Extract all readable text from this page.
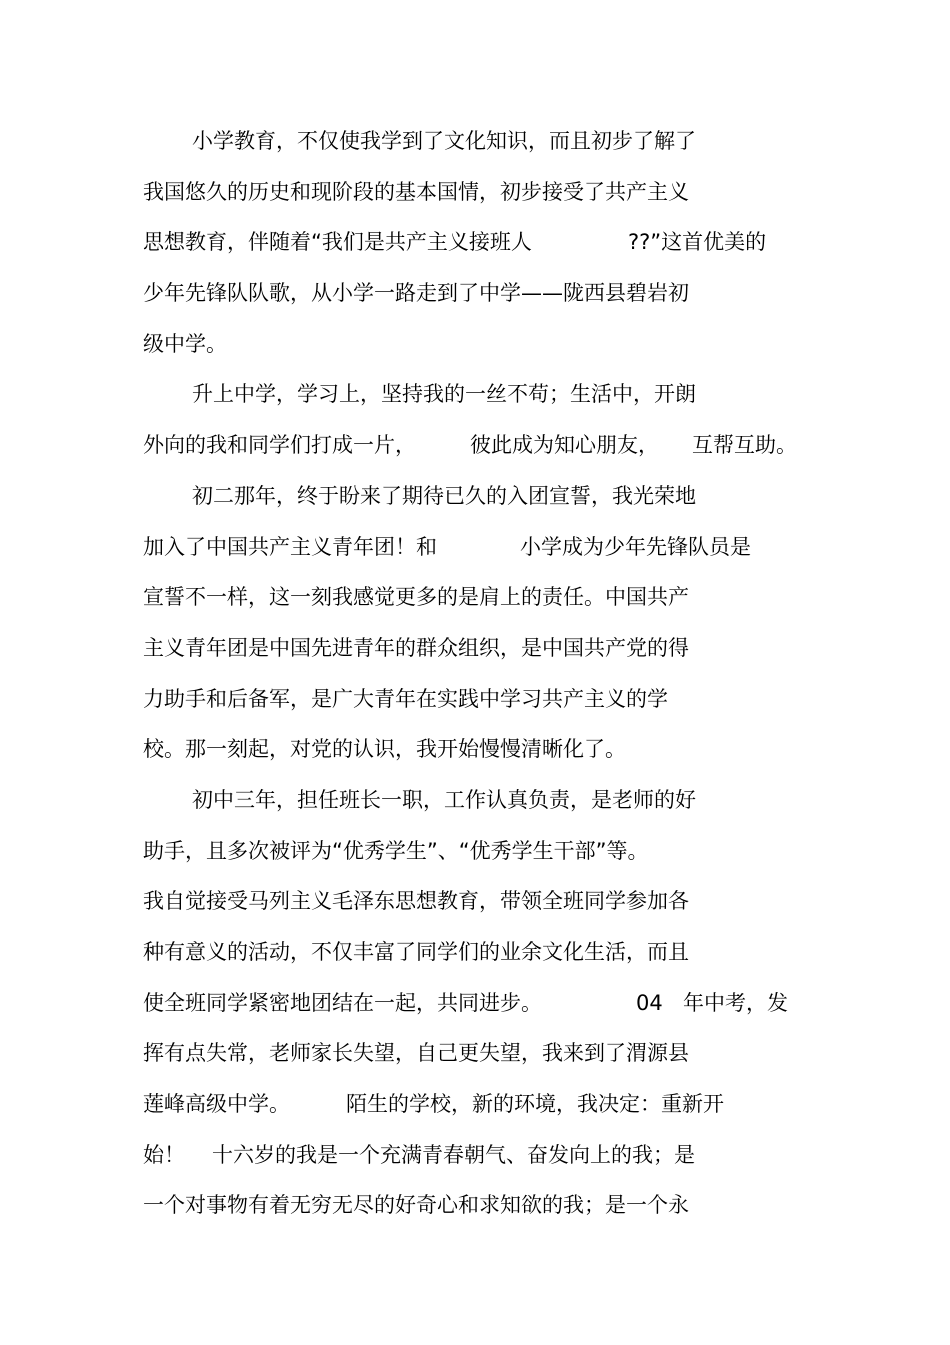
小学教育，不仅使我学到了文化知识，而且初步了解了

我国悠久的历史和现阶段的基本国情，初步接受了共产主义

思想教育，伴随着“我们是共产主义接班人

	??”这首优美的

少年先锋队队歌，从小学一路走到了中学——陇西县碧岩初

级中学。

升上中学，学习上，坚持我的一丝不苟；生活中，开朗

外向的我和同学们打成一片，

	彼此成为知心朋友，

互帮互助。

初二那年，终于盼来了期待已久的入团宣誓，我光荣地

加入了中国共产主义青年团！和

	小学成为少年先锋队员是

宣誓不一样，这一刻我感觉更多的是肩上的责任。中国共产

主义青年团是中国先进青年的群众组织，是中国共产党的得

力助手和后备军，是广大青年在实践中学习共产主义的学

校。那一刻起，对党的认识，我开始慢慢清晰化了。

初中三年，担任班长一职，工作认真负责，是老师的好

助手，且多次被评为“优秀学生”、“优秀学生干部”等。

我自觉接受马列主义毛泽东思想教育，带领全班同学参加各

种有意义的活动，不仅丰富了同学们的业余文化生活，而且

使全班同学紧密地团结在一起，共同进步。

	04

年中考，发

挥有点失常，老师家长失望，自己更失望，我来到了渭源县

莲峰高级中学。

	陌生的学校，新的环境，我决定：重新开

始！

十六岁的我是一个充满青春朝气、奋发向上的我；是

一个对事物有着无穷无尽的好奇心和求知欲的我；是一个永
